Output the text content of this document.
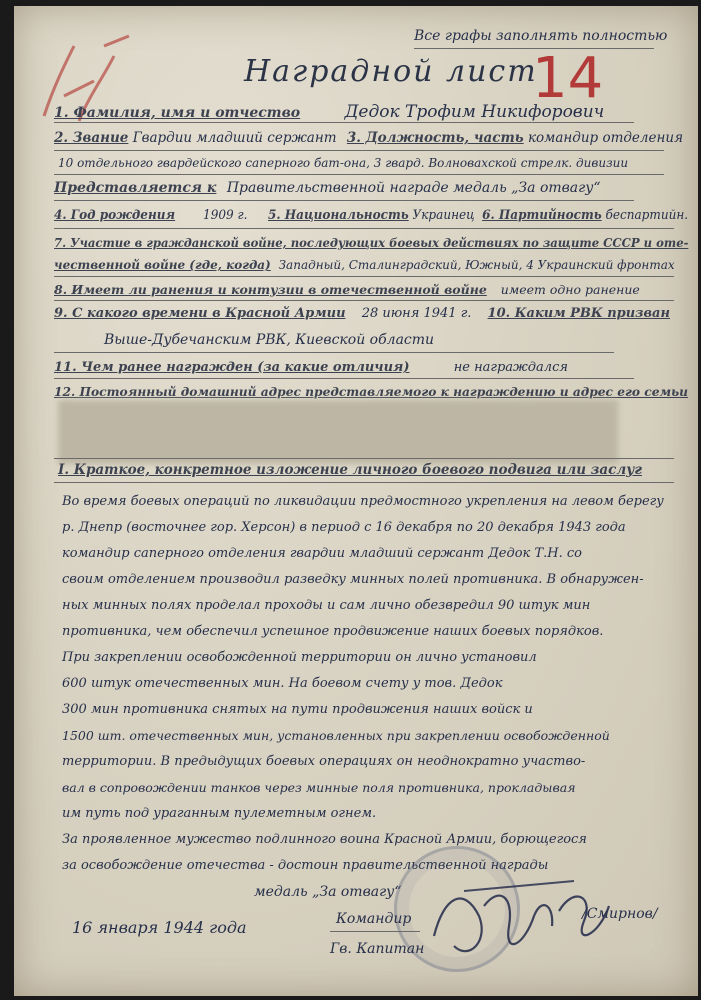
Все графы заполнять полностью
14
Наградной лист
1. Фамилия, имя и отчество	Дедок Трофим Никифорович
2. Звание Гвардии младший сержант 3. Должность, часть командир отделения
10 отдельного гвардейского саперного бат-она, 3 гвард. Волновахской стрелк. дивизии
Представляется к Правительственной награде медаль „За отвагу“
4. Год рождения 1909 г. 5. Национальность Украинец 6. Партийность беспартийн.
7. Участие в гражданской войне, последующих боевых действиях по защите СССР и оте-
чественной войне (где, когда) Западный, Сталинградский, Южный, 4 Украинский фронтах
8. Имеет ли ранения и контузии в отечественной войне имеет одно ранение
9. С какого времени в Красной Армии 28 июня 1941 г. 10. Каким РВК призван
Выше-Дубечанским РВК, Киевской области
11. Чем ранее награжден (за какие отличия)	не награждался
12. Постоянный домашний адрес представляемого к награждению и адрес его семьи
I. Краткое, конкретное изложение личного боевого подвига или заслуг
Во время боевых операций по ликвидации предмостного укрепления на левом берегу
р. Днепр (восточнее гор. Херсон) в период с 16 декабря по 20 декабря 1943 года
командир саперного отделения гвардии младший сержант Дедок Т.Н. со
своим отделением производил разведку минных полей противника. В обнаружен-
ных минных полях проделал проходы и сам лично обезвредил 90 штук мин
противника, чем обеспечил успешное продвижение наших боевых порядков.
При закреплении освобожденной территории он лично установил
600 штук отечественных мин. На боевом счету у тов. Дедок
300 мин противника снятых на пути продвижения наших войск и
1500 шт. отечественных мин, установленных при закреплении освобожденной
территории. В предыдущих боевых операциях он неоднократно участво-
вал в сопровождении танков через минные поля противника, прокладывая
им путь под ураганным пулеметным огнем.
За проявленное мужество подлинного воина Красной Армии, борющегося
за освобождение отечества - достоин правительственной награды
медаль „За отвагу“
Командир
Гв. Капитан
/Смирнов/
16 января 1944 года
